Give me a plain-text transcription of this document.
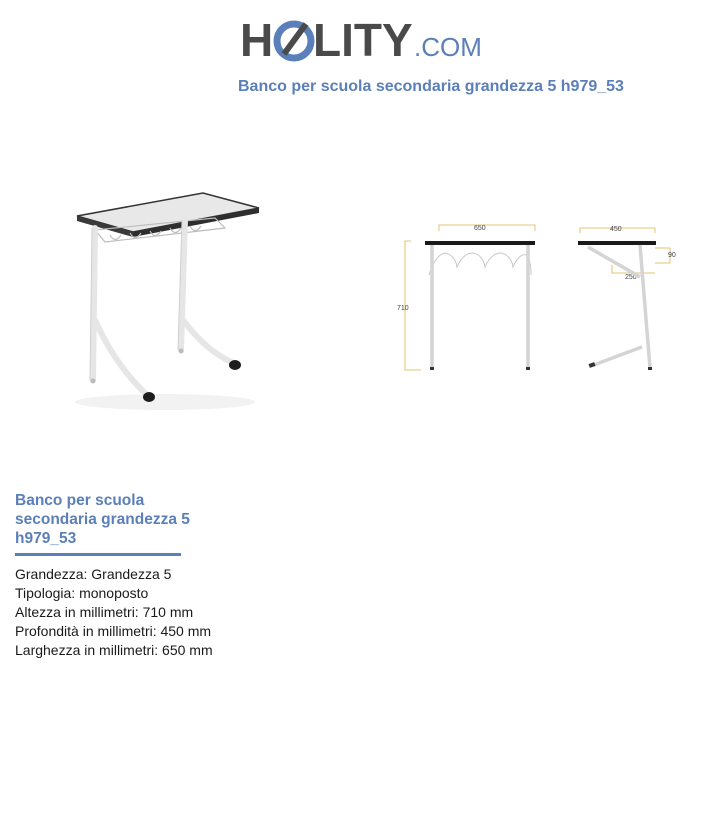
H LITY .COM
Banco per scuola secondaria grandezza 5 h979_53
650
710
450
90
250
Banco per scuola secondaria grandezza 5 h979_53
Grandezza: Grandezza 5
Tipologia: monoposto
Altezza in millimetri: 710 mm
Profondità in millimetri: 450 mm
Larghezza in millimetri: 650 mm
